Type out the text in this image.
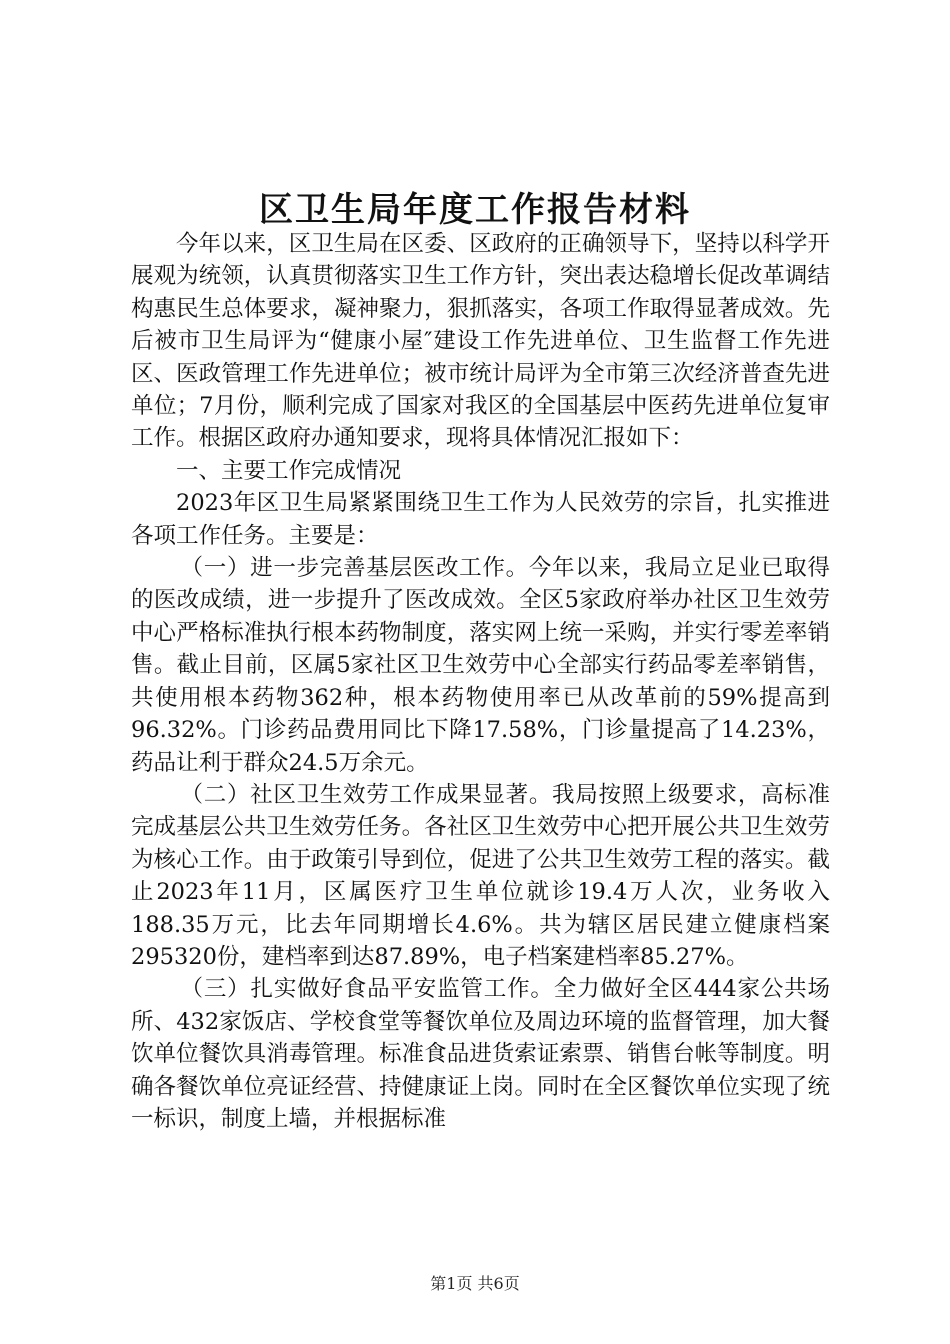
区卫生局年度工作报告材料

今年以来，区卫生局在区委、区政府的正确领导下，坚持以科学开展观为统领，认真贯彻落实卫生工作方针，突出表达稳增长促改革调结构惠民生总体要求，凝神聚力，狠抓落实，各项工作取得显著成效。先后被市卫生局评为“健康小屋″建设工作先进单位、卫生监督工作先进区、医政管理工作先进单位；被市统计局评为全市第三次经济普查先进单位；7月份，顺利完成了国家对我区的全国基层中医药先进单位复审工作。根据区政府办通知要求，现将具体情况汇报如下：

一、主要工作完成情况

2023年区卫生局紧紧围绕卫生工作为人民效劳的宗旨，扎实推进各项工作任务。主要是：

（一）进一步完善基层医改工作。今年以来，我局立足业已取得的医改成绩，进一步提升了医改成效。全区5家政府举办社区卫生效劳中心严格标准执行根本药物制度，落实网上统一采购，并实行零差率销售。截止目前，区属5家社区卫生效劳中心全部实行药品零差率销售，共使用根本药物362种，根本药物使用率已从改革前的59%提高到96.32%。门诊药品费用同比下降17.58%，门诊量提高了14.23%，药品让利于群众24.5万余元。

（二）社区卫生效劳工作成果显著。我局按照上级要求，高标准完成基层公共卫生效劳任务。各社区卫生效劳中心把开展公共卫生效劳为核心工作。由于政策引导到位，促进了公共卫生效劳工程的落实。截止2023年11月，区属医疗卫生单位就诊19.4万人次，业务收入188.35万元，比去年同期增长4.6%。共为辖区居民建立健康档案295320份，建档率到达87.89%，电子档案建档率85.27%。

（三）扎实做好食品平安监管工作。全力做好全区444家公共场所、432家饭店、学校食堂等餐饮单位及周边环境的监督管理，加大餐饮单位餐饮具消毒管理。标准食品进货索证索票、销售台帐等制度。明确各餐饮单位亮证经营、持健康证上岗。同时在全区餐饮单位实现了统一标识，制度上墙，并根据标准

第1页 共6页
